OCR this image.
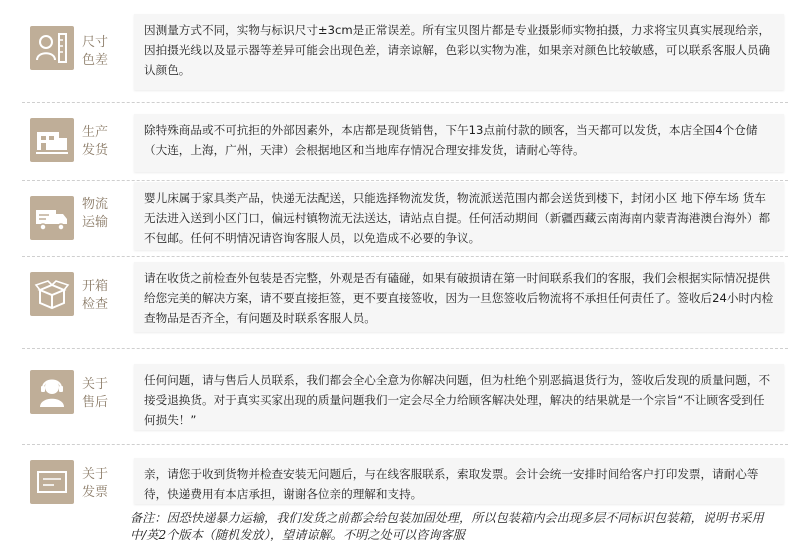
尺寸
色差
因测量方式不同，实物与标识尺寸±3cm是正常误差。所有宝贝图片都是专业摄影师实物拍摄，力求将宝贝真实展现给亲，因拍摄光线以及显示器等差异可能会出现色差，请亲谅解，色彩以实物为准，如果亲对颜色比较敏感，可以联系客服人员确认颜色。
生产
发货
除特殊商品或不可抗拒的外部因素外，本店都是现货销售，下午13点前付款的顾客，当天都可以发货，本店全国4个仓储（大连，上海，广州，天津）会根据地区和当地库存情况合理安排发货，请耐心等待。
物流
运输
婴儿床属于家具类产品，快递无法配送，只能选择物流发货，物流派送范围内都会送货到楼下，封闭小区 地下停车场 货车无法进入送到小区门口，偏远村镇物流无法送达，请站点自提。任何活动期间（新疆西藏云南海南内蒙青海港澳台海外）都不包邮。任何不明情况请咨询客服人员，以免造成不必要的争议。
开箱
检查
请在收货之前检查外包装是否完整，外观是否有磕碰，如果有破损请在第一时间联系我们的客服，我们会根据实际情况提供给您完美的解决方案，请不要直接拒签，更不要直接签收，因为一旦您签收后物流将不承担任何责任了。签收后24小时内检查物品是否齐全，有问题及时联系客服人员。
关于
售后
任何问题，请与售后人员联系，我们都会全心全意为你解决问题，但为杜绝个别恶搞退货行为，签收后发现的质量问题，不接受退换货。对于真实买家出现的质量问题我们一定会尽全力给顾客解决处理，解决的结果就是一个宗旨“不让顾客受到任何损失！”
关于
发票
亲，请您于收到货物并检查安装无问题后，与在线客服联系，索取发票。会计会统一安排时间给客户打印发票，请耐心等待，快递费用有本店承担，谢谢各位亲的理解和支持。
备注：因恐快递暴力运输，我们发货之前都会给包装加固处理，所以包装箱内会出现多层不同标识包装箱，说明书采用中/英2个版本（随机发放），望请谅解。不明之处可以咨询客服
